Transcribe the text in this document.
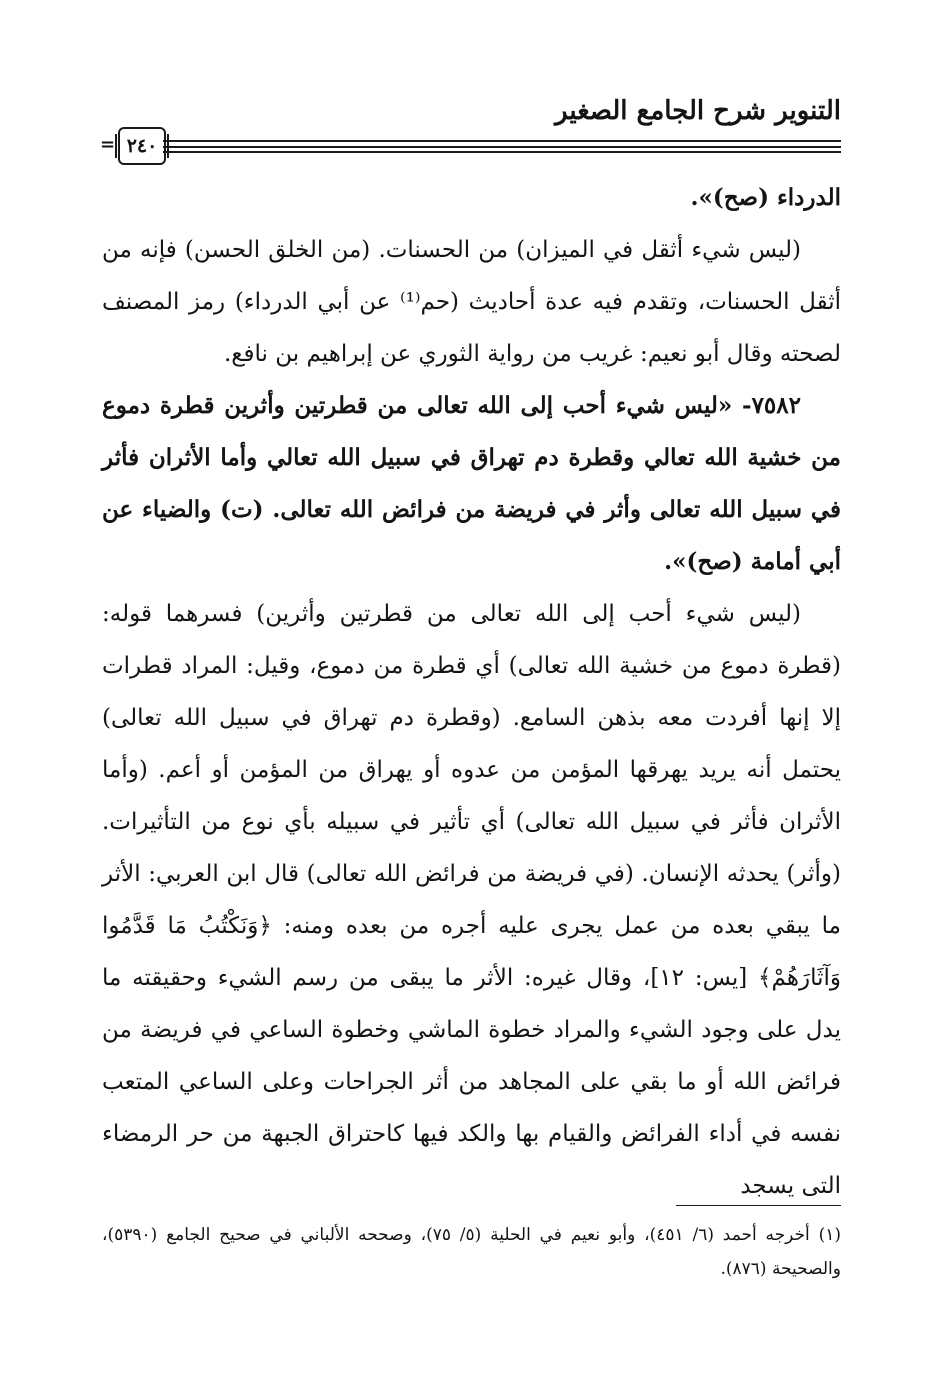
التنوير شرح الجامع الصغير
= ٢٤٠

الدرداء (صح)».

(ليس شيء أثقل في الميزان) من الحسنات. (من الخلق الحسن) فإنه من أثقل الحسنات، وتقدم فيه عدة أحاديث (حم⁽¹⁾ عن أبي الدرداء) رمز المصنف لصحته وقال أبو نعيم: غريب من رواية الثوري عن إبراهيم بن نافع.

٧٥٨٢- «ليس شيء أحب إلى الله تعالى من قطرتين وأثرين قطرة دموع من خشية الله تعالي وقطرة دم تهراق في سبيل الله تعالي وأما الأثران فأثر في سبيل الله تعالى وأثر في فريضة من فرائض الله تعالى. (ت) والضياء عن أبي أمامة (صح)».

(ليس شيء أحب إلى الله تعالى من قطرتين وأثرين) فسرهما قوله: (قطرة دموع من خشية الله تعالى) أي قطرة من دموع، وقيل: المراد قطرات إلا إنها أفردت معه بذهن السامع. (وقطرة دم تهراق في سبيل الله تعالى) يحتمل أنه يريد يهرقها المؤمن من عدوه أو يهراق من المؤمن أو أعم. (وأما الأثران فأثر في سبيل الله تعالى) أي تأثير في سبيله بأي نوع من التأثيرات. (وأثر) يحدثه الإنسان. (في فريضة من فرائض الله تعالى) قال ابن العربي: الأثر ما يبقي بعده من عمل يجرى عليه أجره من بعده ومنه: ﴿وَنَكْتُبُ مَا قَدَّمُوا وَآثَارَهُمْ﴾ [يس: ١٢]، وقال غيره: الأثر ما يبقى من رسم الشيء وحقيقته ما يدل على وجود الشيء والمراد خطوة الماشي وخطوة الساعي في فريضة من فرائض الله أو ما بقي على المجاهد من أثر الجراحات وعلى الساعي المتعب نفسه في أداء الفرائض والقيام بها والكد فيها كاحتراق الجبهة من حر الرمضاء التى يسجد

(١) أخرجه أحمد (٦/ ٤٥١)، وأبو نعيم في الحلية (٥/ ٧٥)، وصححه الألباني في صحيح الجامع (٥٣٩٠)، والصحيحة (٨٧٦).
